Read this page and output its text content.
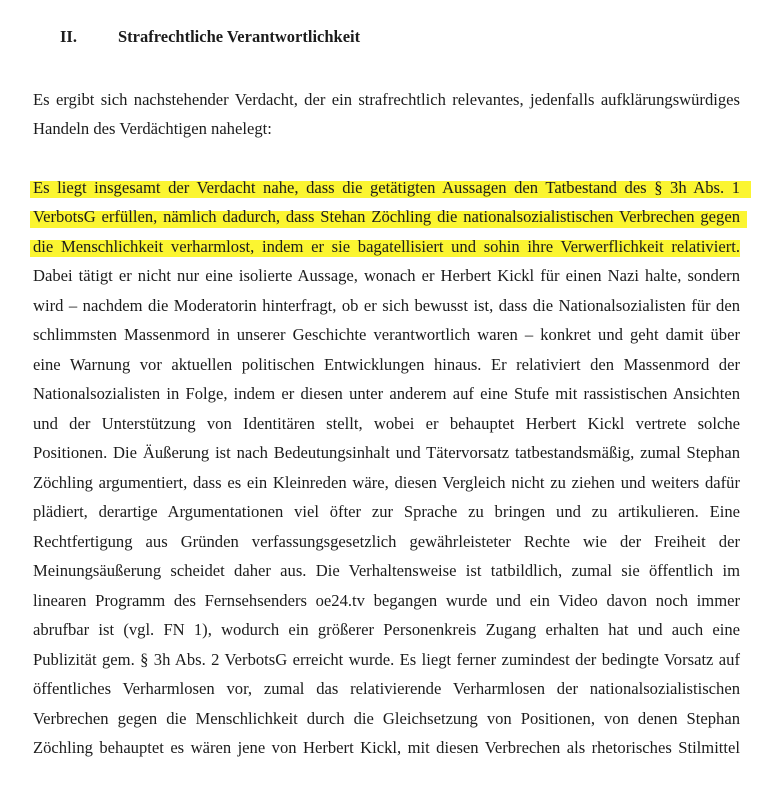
II. Strafrechtliche Verantwortlichkeit
Es ergibt sich nachstehender Verdacht, der ein strafrechtlich relevantes, jedenfalls aufklärungswürdiges
Handeln des Verdächtigen nahelegt:
Es liegt insgesamt der Verdacht nahe, dass die getätigten Aussagen den Tatbestand des § 3h Abs. 1
VerbotsG erfüllen, nämlich dadurch, dass Stehan Zöchling die nationalsozialistischen Verbrechen gegen
die Menschlichkeit verharmlost, indem er sie bagatellisiert und sohin ihre Verwerflichkeit relativiert.
Dabei tätigt er nicht nur eine isolierte Aussage, wonach er Herbert Kickl für einen Nazi halte, sondern
wird – nachdem die Moderatorin hinterfragt, ob er sich bewusst ist, dass die Nationalsozialisten für den
schlimmsten Massenmord in unserer Geschichte verantwortlich waren – konkret und geht damit über
eine Warnung vor aktuellen politischen Entwicklungen hinaus. Er relativiert den Massenmord der
Nationalsozialisten in Folge, indem er diesen unter anderem auf eine Stufe mit rassistischen Ansichten
und der Unterstützung von Identitären stellt, wobei er behauptet Herbert Kickl vertrete solche
Positionen. Die Äußerung ist nach Bedeutungsinhalt und Tätervorsatz tatbestandsmäßig, zumal Stephan
Zöchling argumentiert, dass es ein Kleinreden wäre, diesen Vergleich nicht zu ziehen und weiters dafür
plädiert, derartige Argumentationen viel öfter zur Sprache zu bringen und zu artikulieren. Eine
Rechtfertigung aus Gründen verfassungsgesetzlich gewährleisteter Rechte wie der Freiheit der
Meinungsäußerung scheidet daher aus. Die Verhaltensweise ist tatbildlich, zumal sie öffentlich im
linearen Programm des Fernsehsenders oe24.tv begangen wurde und ein Video davon noch immer
abrufbar ist (vgl. FN 1), wodurch ein größerer Personenkreis Zugang erhalten hat und auch eine
Publizität gem. § 3h Abs. 2 VerbotsG erreicht wurde. Es liegt ferner zumindest der bedingte Vorsatz auf
öffentliches Verharmlosen vor, zumal das relativierende Verharmlosen der nationalsozialistischen
Verbrechen gegen die Menschlichkeit durch die Gleichsetzung von Positionen, von denen Stephan
Zöchling behauptet es wären jene von Herbert Kickl, mit diesen Verbrechen als rhetorisches Stilmittel
